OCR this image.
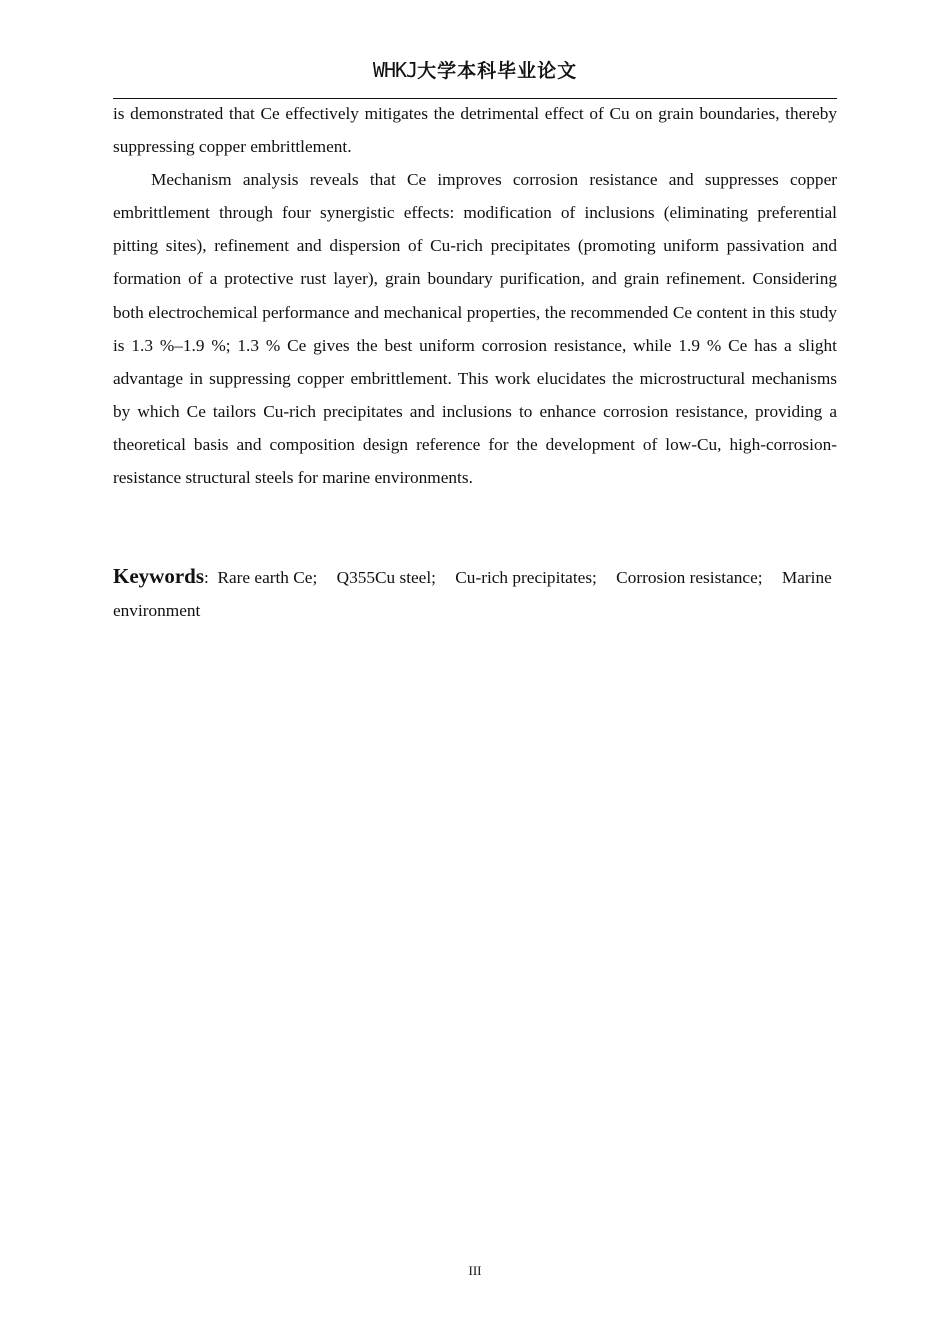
WHKJ大学本科毕业论文

is demonstrated that Ce effectively mitigates the detrimental effect of Cu on grain boundaries, thereby suppressing copper embrittlement.

Mechanism analysis reveals that Ce improves corrosion resistance and suppresses copper embrittlement through four synergistic effects: modification of inclusions (eliminating preferential pitting sites), refinement and dispersion of Cu-rich precipitates (promoting uniform passivation and formation of a protective rust layer), grain boundary purification, and grain refinement. Considering both electrochemical performance and mechanical properties, the recommended Ce content in this study is 1.3 %–1.9 %; 1.3 % Ce gives the best uniform corrosion resistance, while 1.9 % Ce has a slight advantage in suppressing copper embrittlement. This work elucidates the microstructural mechanisms by which Ce tailors Cu-rich precipitates and inclusions to enhance corrosion resistance, providing a theoretical basis and composition design reference for the development of low-Cu, high-corrosion-resistance structural steels for marine environments.

Keywords: Rare earth Ce; Q355Cu steel; Cu-rich precipitates; Corrosion resistance; Marine environment
III
